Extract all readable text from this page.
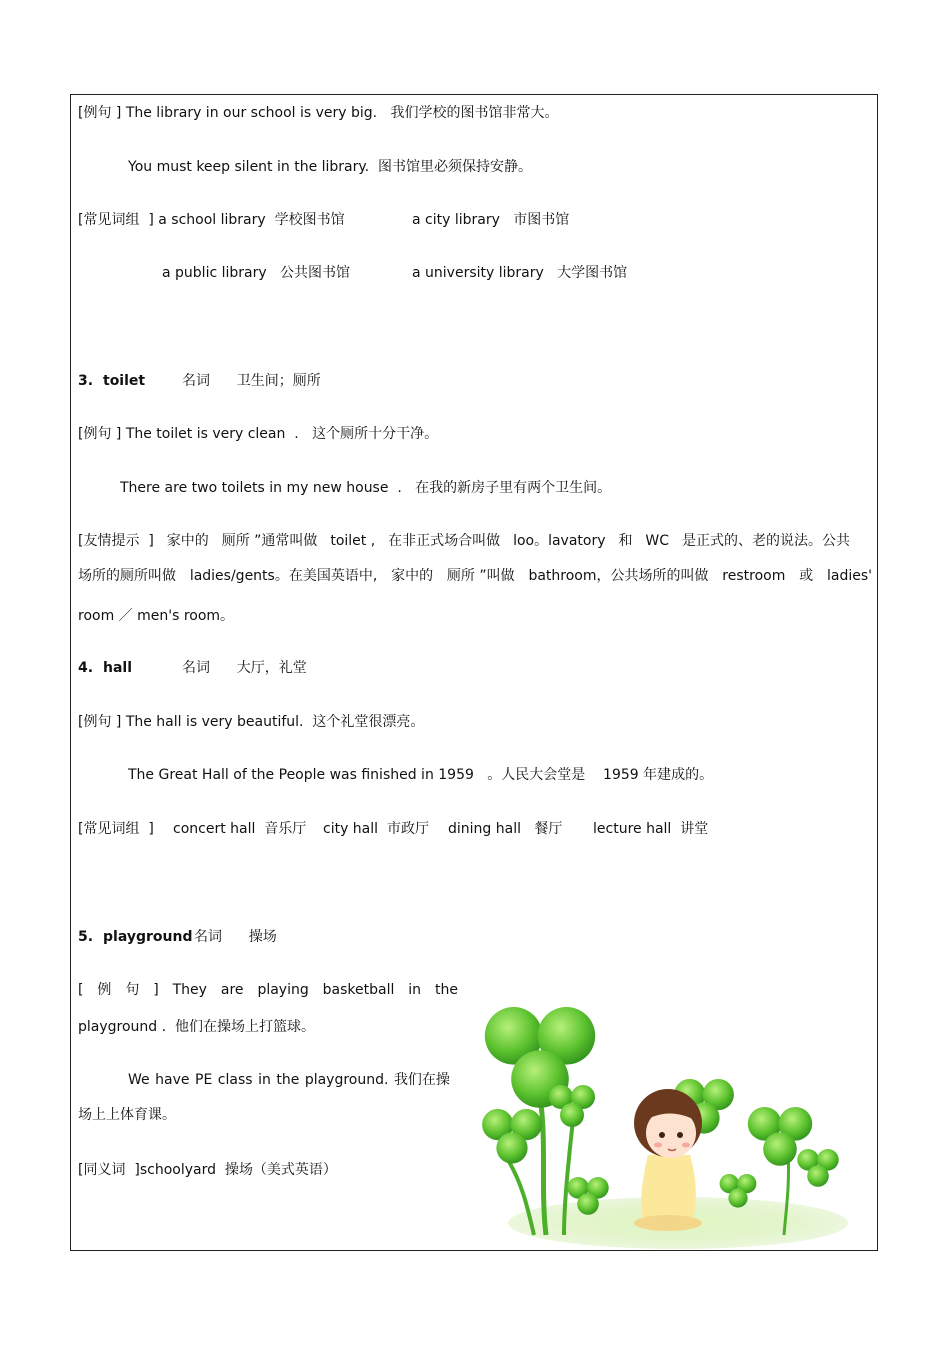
[例句 ] The library in our school is very big.   我们学校的图书馆非常大。
You must keep silent in the library.  图书馆里必须保持安静。
[常见词组  ] a school library  学校图书馆	a city library   市图书馆
a public library   公共图书馆	a university library   大学图书馆
3. toilet	名词      卫生间；厕所
[例句 ] The toilet is very clean  .   这个厕所十分干净。
There are two toilets in my new house  .   在我的新房子里有两个卫生间。
[友情提示  ] 家中的 厕所 ”通常叫做 toilet , 在非正式场合叫做 loo。lavatory 和 WC 是正式的、老的说法。公共
场所的厕所叫做 ladies/gents。在美国英语中, 家中的 厕所 ”叫做 bathroom，公共场所的叫做 restroom 或 ladies'
room ／ men's room。
4. hall	名词      大厅，礼堂
[例句 ] The hall is very beautiful.  这个礼堂很漂亮。
The Great Hall of the People was finished in 1959   。人民大会堂是    1959 年建成的。
[常见词组  ] concert hall  音乐厅 city hall  市政厅 dining hall   餐厅 lecture hall  讲堂
5. playground 名词      操场
[ 例 句 ] They are playing basketball in the
playground .  他们在操场上打篮球。
We have PE class in the playground. 我们在操
场上上体育课。
[同义词  ]schoolyard  操场（美式英语）
